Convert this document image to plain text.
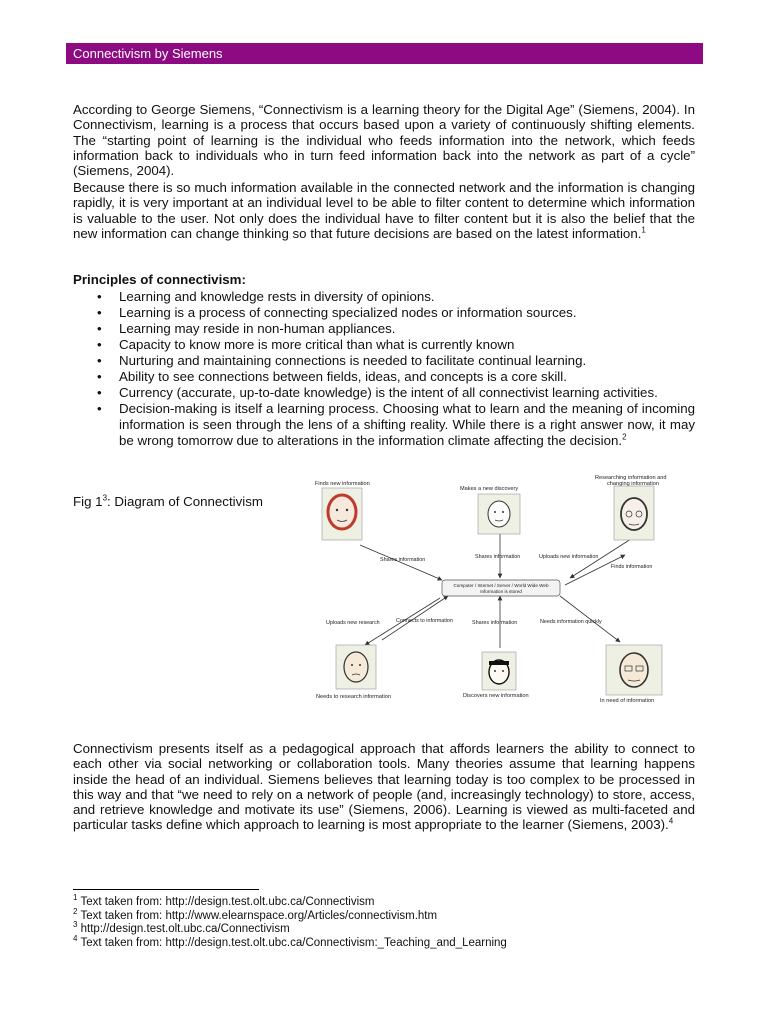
Connectivism by Siemens

According to George Siemens, “Connectivism is a learning theory for the Digital Age” (Siemens, 2004). In Connectivism, learning is a process that occurs based upon a variety of continuously shifting elements. The “starting point of learning is the individual who feeds information into the network, which feeds information back to individuals who in turn feed information back into the network as part of a cycle” (Siemens, 2004).

Because there is so much information available in the connected network and the information is changing rapidly, it is very important at an individual level to be able to filter content to determine which information is valuable to the user. Not only does the individual have to filter content but it is also the belief that the new information can change thinking so that future decisions are based on the latest information.$^1$

Principles of connectivism:

• Learning and knowledge rests in diversity of opinions.
• Learning is a process of connecting specialized nodes or information sources.
• Learning may reside in non-human appliances.
• Capacity to know more is more critical than what is currently known
• Nurturing and maintaining connections is needed to facilitate continual learning.
• Ability to see connections between fields, ideas, and concepts is a core skill.
• Currency (accurate, up-to-date knowledge) is the intent of all connectivist learning activities.
• Decision-making is itself a learning process. Choosing what to learn and the meaning of incoming information is seen through the lens of a shifting reality. While there is a right answer now, it may be wrong tomorrow due to alterations in the information climate affecting the decision.$^2$
Fig $1^3$: Diagram of Connectivism
Computer / Internet / Server / World Wide Web
Information is stored
Finds new information
Makes a new discovery
Researching information and
changing information
Needs to research information	Discovers new information
In need of information
Shares information	Shares information	Uploads new information
Finds information
Uploads new research	Connects to information	Shares information	Needs information quickly

Connectivism presents itself as a pedagogical approach that affords learners the ability to connect to each other via social networking or collaboration tools. Many theories assume that learning happens inside the head of an individual. Siemens believes that learning today is too complex to be processed in this way and that “we need to rely on a network of people (and, increasingly technology) to store, access, and retrieve knowledge and motivate its use” (Siemens, 2006). Learning is viewed as multi-faceted and particular tasks define which approach to learning is most appropriate to the learner (Siemens, 2003).$^4$

$^1$ Text taken from: http://design.test.olt.ubc.ca/Connectivism
$^2$ Text taken from: http://www.elearnspace.org/Articles/connectivism.htm
$^3$ http://design.test.olt.ubc.ca/Connectivism
$^4$ Text taken from: http://design.test.olt.ubc.ca/Connectivism:_Teaching_and_Learning
